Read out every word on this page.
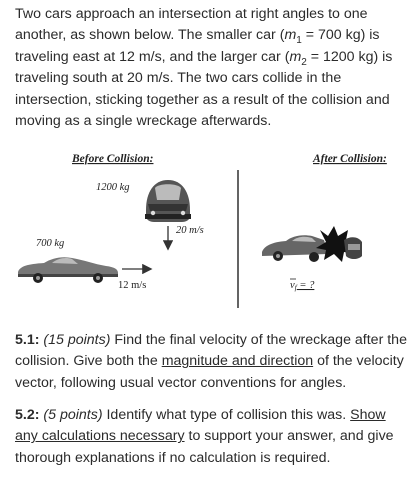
Two cars approach an intersection at right angles to one another, as shown below. The smaller car ($m_1 = 700$ kg) is traveling east at 12 m/s, and the larger car ($m_2 = 1200$ kg) is traveling south at 20 m/s. The two cars collide in the intersection, sticking together as a result of the collision and moving as a single wreckage afterwards.

Before Collision:	After Collision:
1200 kg
20 m/s
700 kg
12 m/s	vf = ?

5.1: (15 points) Find the final velocity of the wreckage after the collision. Give both the magnitude and direction of the velocity vector, following usual vector conventions for angles.

5.2: (5 points) Identify what type of collision this was. Show any calculations necessary to support your answer, and give thorough explanations if no calculation is required.
